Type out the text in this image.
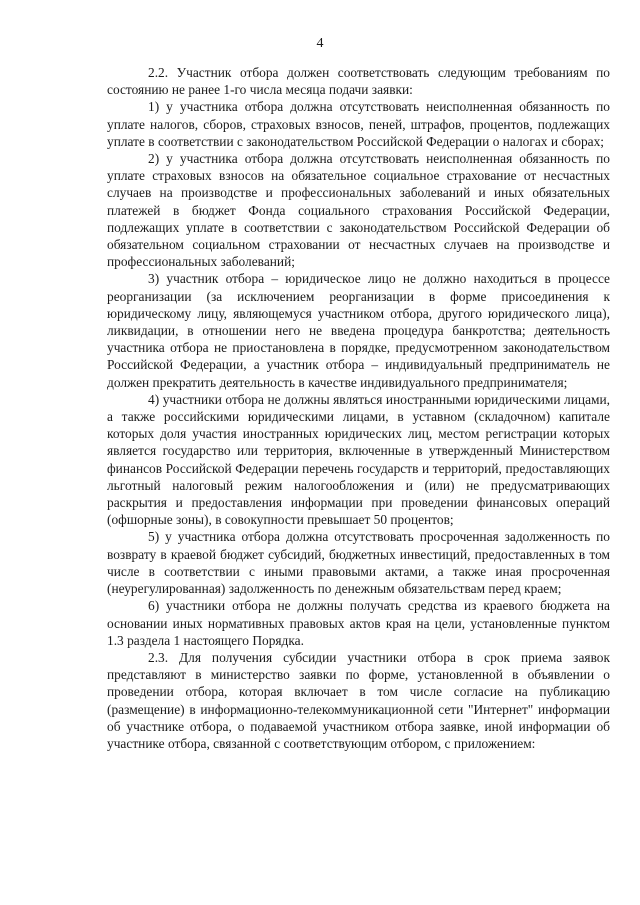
4

2.2. Участник отбора должен соответствовать следующим требованиям по состоянию не ранее 1-го числа месяца подачи заявки:

1) у участника отбора должна отсутствовать неисполненная обязанность по уплате налогов, сборов, страховых взносов, пеней, штрафов, процентов, подлежащих уплате в соответствии с законодательством Российской Федерации о налогах и сборах;

2) у участника отбора должна отсутствовать неисполненная обязанность по уплате страховых взносов на обязательное социальное страхование от несчастных случаев на производстве и профессиональных заболеваний и иных обязательных платежей в бюджет Фонда социального страхования Российской Федерации, подлежащих уплате в соответствии с законодательством Российской Федерации об обязательном социальном страховании от несчастных случаев на производстве и профессиональных заболеваний;

3) участник отбора – юридическое лицо не должно находиться в процессе реорганизации (за исключением реорганизации в форме присоединения к юридическому лицу, являющемуся участником отбора, другого юридического лица), ликвидации, в отношении него не введена процедура банкротства; деятельность участника отбора не приостановлена в порядке, предусмотренном законодательством Российской Федерации, а участник отбора – индивидуальный предприниматель не должен прекратить деятельность в качестве индивидуального предпринимателя;

4) участники отбора не должны являться иностранными юридическими лицами, а также российскими юридическими лицами, в уставном (складочном) капитале которых доля участия иностранных юридических лиц, местом регистрации которых является государство или территория, включенные в утвержденный Министерством финансов Российской Федерации перечень государств и территорий, предоставляющих льготный налоговый режим налогообложения и (или) не предусматривающих раскрытия и предоставления информации при проведении финансовых операций (офшорные зоны), в совокупности превышает 50 процентов;

5) у участника отбора должна отсутствовать просроченная задолженность по возврату в краевой бюджет субсидий, бюджетных инвестиций, предоставленных в том числе в соответствии с иными правовыми актами, а также иная просроченная (неурегулированная) задолженность по денежным обязательствам перед краем;

6) участники отбора не должны получать средства из краевого бюджета на основании иных нормативных правовых актов края на цели, установленные пунктом 1.3 раздела 1 настоящего Порядка.

2.3. Для получения субсидии участники отбора в срок приема заявок представляют в министерство заявки по форме, установленной в объявлении о проведении отбора, которая включает в том числе согласие на публикацию (размещение) в информационно-телекоммуникационной сети "Интернет" информации об участнике отбора, о подаваемой участником отбора заявке, иной информации об участнике отбора, связанной с соответствующим отбором, с приложением:
